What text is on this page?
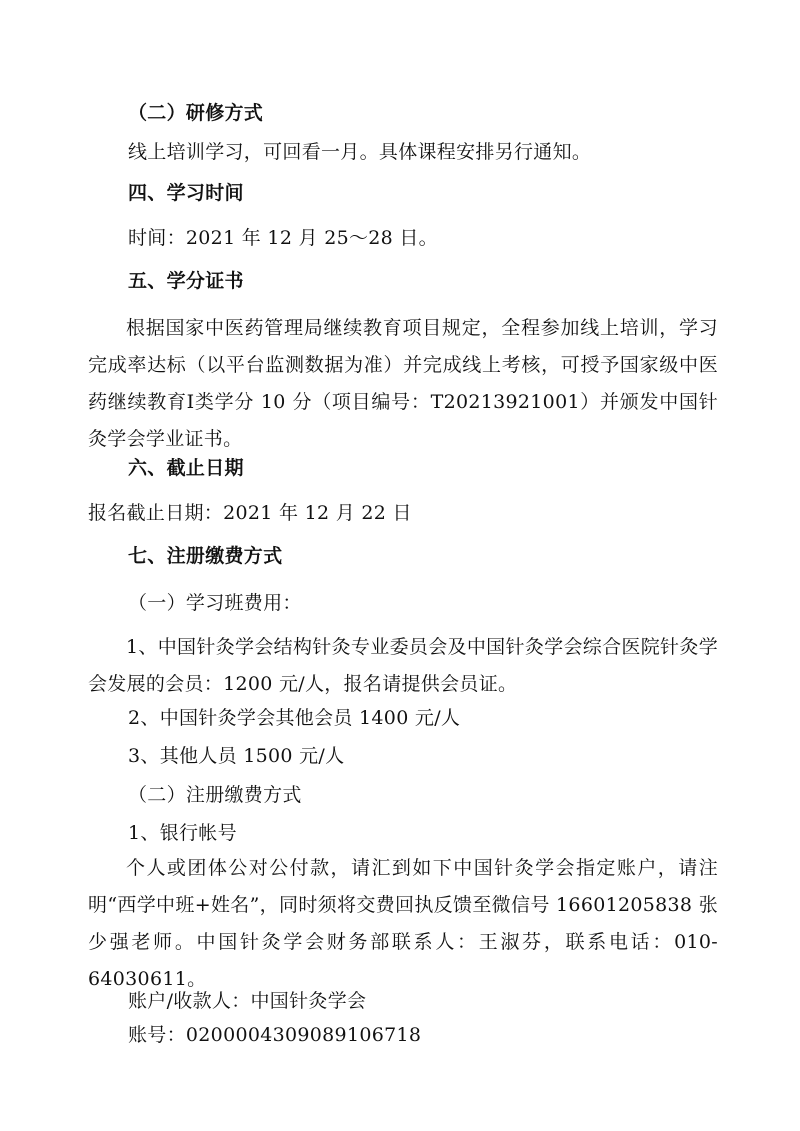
（二）研修方式
线上培训学习，可回看一月。具体课程安排另行通知。
四、学习时间
时间：2021 年 12 月 25～28 日。
五、学分证书
根据国家中医药管理局继续教育项目规定，全程参加线上培训，学习完成率达标（以平台监测数据为准）并完成线上考核，可授予国家级中医药继续教育Ⅰ类学分 10 分（项目编号：T20213921001）并颁发中国针灸学会学业证书。
六、截止日期
报名截止日期：2021 年 12 月 22 日
七、注册缴费方式
（一）学习班费用：
1、中国针灸学会结构针灸专业委员会及中国针灸学会综合医院针灸学会发展的会员：1200 元/人，报名请提供会员证。
2、中国针灸学会其他会员 1400 元/人
3、其他人员 1500 元/人
（二）注册缴费方式
1、银行帐号
个人或团体公对公付款，请汇到如下中国针灸学会指定账户，请注明“西学中班+姓名”，同时须将交费回执反馈至微信号 16601205838 张少强老师。中国针灸学会财务部联系人：王淑芬，联系电话：010-64030611。
账户/收款人：中国针灸学会
账号：0200004309089106718
